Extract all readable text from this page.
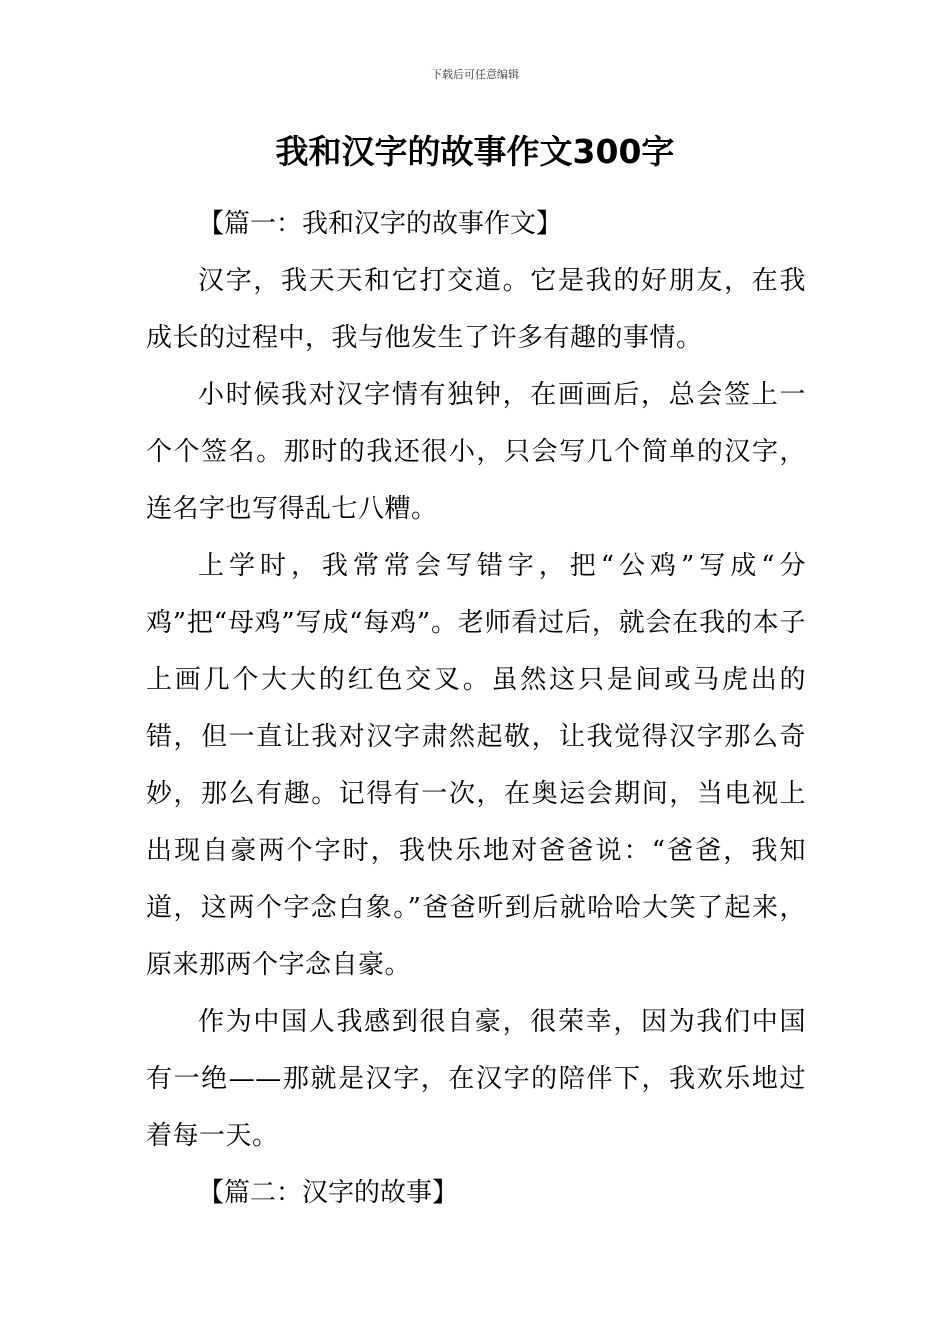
下载后可任意编辑
我和汉字的故事作文300字

【篇一：我和汉字的故事作文】

汉字，我天天和它打交道。它是我的好朋友，在我成长的过程中，我与他发生了许多有趣的事情。

小时候我对汉字情有独钟，在画画后，总会签上一个个签名。那时的我还很小，只会写几个简单的汉字，连名字也写得乱七八糟。

上学时，我常常会写错字，把“公鸡”写成“分鸡”把“母鸡”写成“每鸡”。老师看过后，就会在我的本子上画几个大大的红色交叉。虽然这只是间或马虎出的错，但一直让我对汉字肃然起敬，让我觉得汉字那么奇妙，那么有趣。记得有一次，在奥运会期间，当电视上出现自豪两个字时，我快乐地对爸爸说：“爸爸，我知道，这两个字念白象。”爸爸听到后就哈哈大笑了起来，原来那两个字念自豪。

作为中国人我感到很自豪，很荣幸，因为我们中国有一绝——那就是汉字，在汉字的陪伴下，我欢乐地过着每一天。

【篇二：汉字的故事】
